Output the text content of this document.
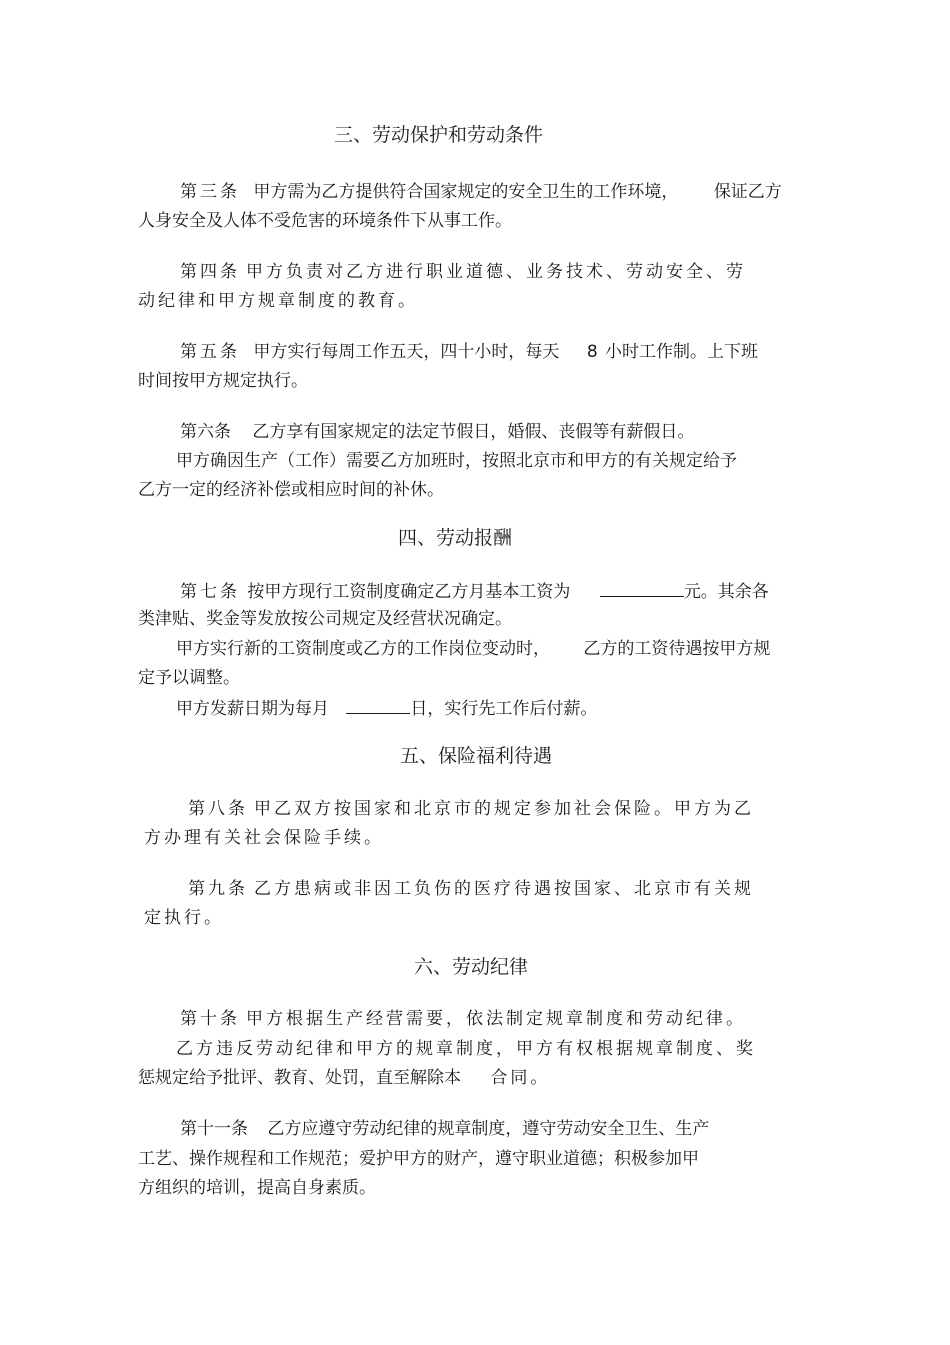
三、劳动保护和劳动条件
第三条 甲方需为乙方提供符合国家规定的安全卫生的工作环境， 保证乙方
人身安全及人体不受危害的环境条件下从事工作。
第四条 甲方负责对乙方进行职业道德、业务技术、劳动安全、劳
动纪律和甲方规章制度的教育。
第五条 甲方实行每周工作五天，四十小时，每天 8 小时工作制。上下班
时间按甲方规定执行。
第六条 乙方享有国家规定的法定节假日，婚假、丧假等有薪假日。
甲方确因生产（工作）需要乙方加班时，按照北京市和甲方的有关规定给予
乙方一定的经济补偿或相应时间的补休。
四、劳动报酬
第七条 按甲方现行工资制度确定乙方月基本工资为	元。其余各
类津贴、奖金等发放按公司规定及经营状况确定。
甲方实行新的工资制度或乙方的工作岗位变动时， 乙方的工资待遇按甲方规
定予以调整。
甲方发薪日期为每月	日，实行先工作后付薪。
五、保险福利待遇
第八条 甲乙双方按国家和北京市的规定参加社会保险。甲方为乙
方办理有关社会保险手续。
第九条 乙方患病或非因工负伤的医疗待遇按国家、北京市有关规
定执行。
六、劳动纪律
第十条 甲方根据生产经营需要，依法制定规章制度和劳动纪律。
乙方违反劳动纪律和甲方的规章制度，甲方有权根据规章制度、奖
惩规定给予批评、教育、处罚，直至解除本 合同。
第十一条 乙方应遵守劳动纪律的规章制度，遵守劳动安全卫生、生产
工艺、操作规程和工作规范；爱护甲方的财产，遵守职业道德；积极参加甲
方组织的培训，提高自身素质。
